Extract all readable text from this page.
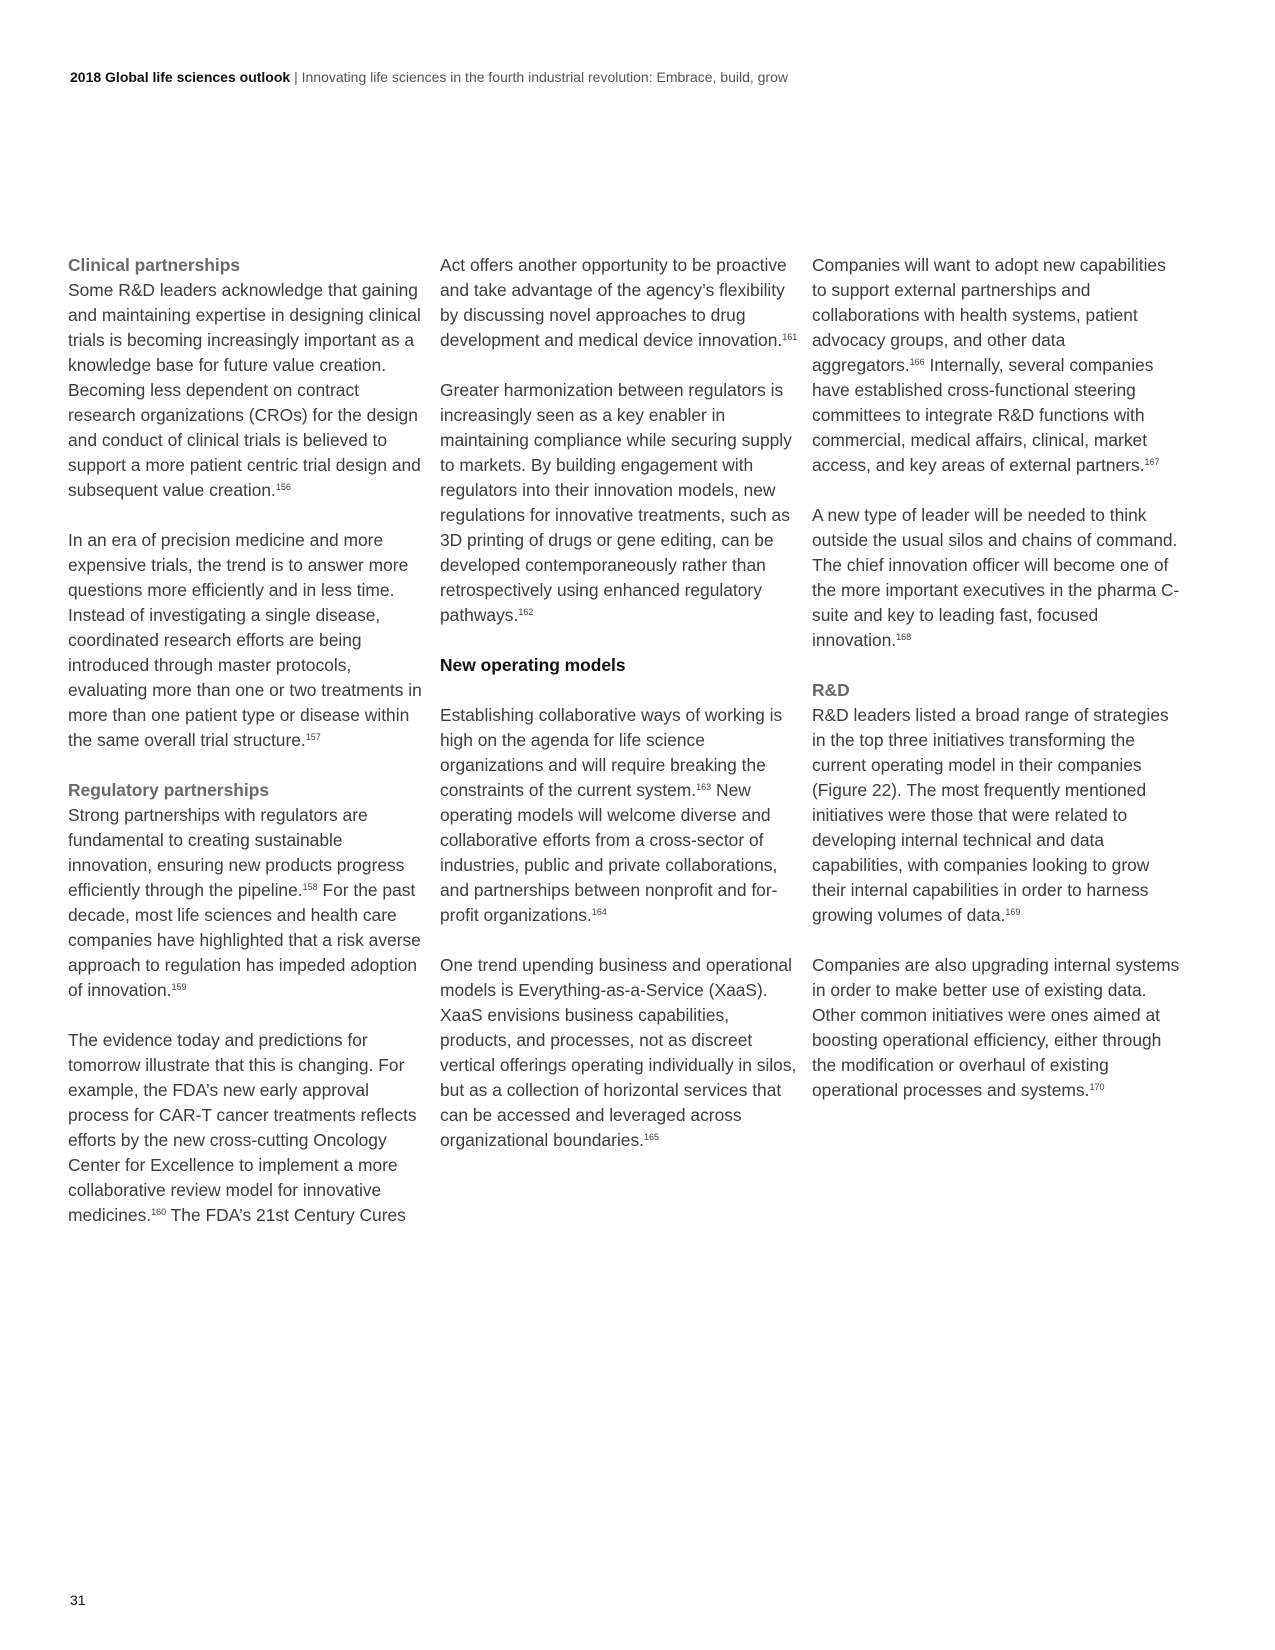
2018 Global life sciences outlook | Innovating life sciences in the fourth industrial revolution: Embrace, build, grow
Clinical partnerships

Some R&D leaders acknowledge that gaining and maintaining expertise in designing clinical trials is becoming increasingly important as a knowledge base for future value creation. Becoming less dependent on contract research organizations (CROs) for the design and conduct of clinical trials is believed to support a more patient centric trial design and subsequent value creation.$^{156}$

In an era of precision medicine and more expensive trials, the trend is to answer more questions more efficiently and in less time. Instead of investigating a single disease, coordinated research efforts are being introduced through master protocols, evaluating more than one or two treatments in more than one patient type or disease within the same overall trial structure.$^{157}$

Regulatory partnerships

Strong partnerships with regulators are fundamental to creating sustainable innovation, ensuring new products progress efficiently through the pipeline.$^{158}$ For the past decade, most life sciences and health care companies have highlighted that a risk averse approach to regulation has impeded adoption of innovation.$^{159}$

The evidence today and predictions for tomorrow illustrate that this is changing. For example, the FDA’s new early approval process for CAR-T cancer treatments reflects efforts by the new cross-cutting Oncology Center for Excellence to implement a more collaborative review model for innovative medicines.$^{160}$ The FDA’s 21st Century Cures

Act offers another opportunity to be proactive and take advantage of the agency’s flexibility by discussing novel approaches to drug development and medical device innovation.$^{161}$

Greater harmonization between regulators is increasingly seen as a key enabler in maintaining compliance while securing supply to markets. By building engagement with regulators into their innovation models, new regulations for innovative treatments, such as 3D printing of drugs or gene editing, can be developed contemporaneously rather than retrospectively using enhanced regulatory pathways.$^{162}$

New operating models

Establishing collaborative ways of working is high on the agenda for life science organizations and will require breaking the constraints of the current system.$^{163}$ New operating models will welcome diverse and collaborative efforts from a cross-sector of industries, public and private collaborations, and partnerships between nonprofit and for-profit organizations.$^{164}$

One trend upending business and operational models is Everything-as-a-Service (XaaS). XaaS envisions business capabilities, products, and processes, not as discreet vertical offerings operating individually in silos, but as a collection of horizontal services that can be accessed and leveraged across organizational boundaries.$^{165}$

Companies will want to adopt new capabilities to support external partnerships and collaborations with health systems, patient advocacy groups, and other data aggregators.$^{166}$ Internally, several companies have established cross-functional steering committees to integrate R&D functions with commercial, medical affairs, clinical, market access, and key areas of external partners.$^{167}$

A new type of leader will be needed to think outside the usual silos and chains of command. The chief innovation officer will become one of the more important executives in the pharma C-suite and key to leading fast, focused innovation.$^{168}$

R&D

R&D leaders listed a broad range of strategies in the top three initiatives transforming the current operating model in their companies (Figure 22). The most frequently mentioned initiatives were those that were related to developing internal technical and data capabilities, with companies looking to grow their internal capabilities in order to harness growing volumes of data.$^{169}$

Companies are also upgrading internal systems in order to make better use of existing data. Other common initiatives were ones aimed at boosting operational efficiency, either through the modification or overhaul of existing operational processes and systems.$^{170}$

31
